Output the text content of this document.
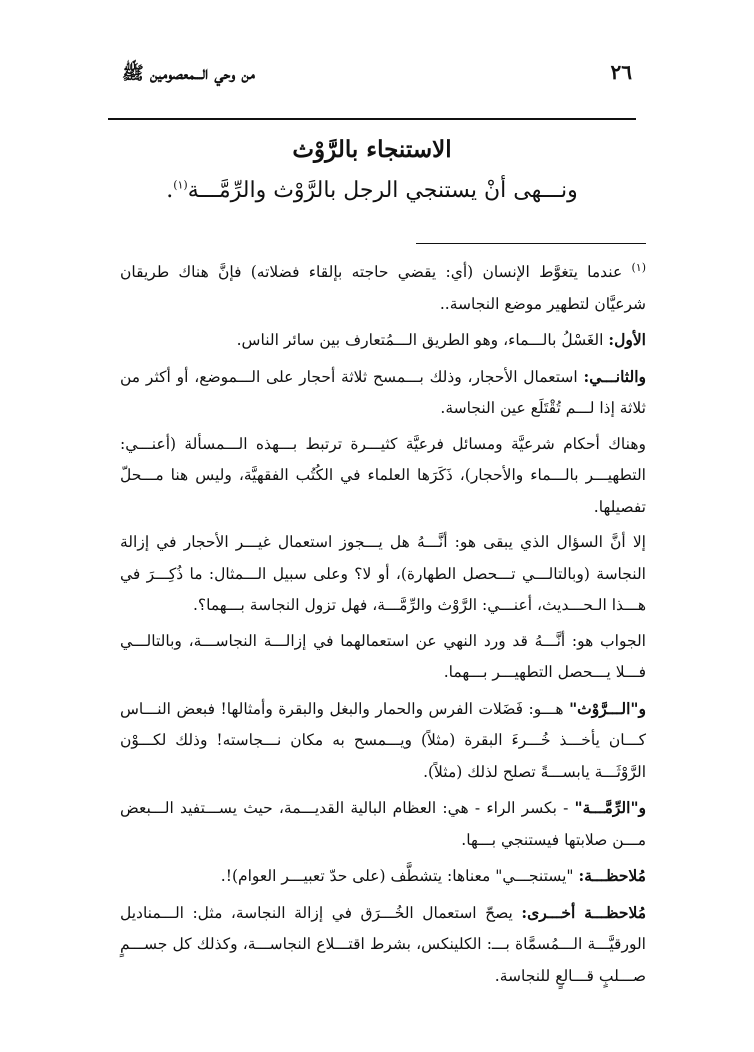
٢٦
من وحي الـــمعصومين ﷺ
الاستنجاء بالرَّوْث
ونـــهى أنْ يستنجي الرجل بالرَّوْث والرِّمَّـــة$^{(١)}$.

$^{(١)}$ عندما يتغوَّط الإنسان (أي: يقضي حاجته بإلقاء فضلاته) فإنَّ هناك طريقان شرعيَّان لتطهير موضع النجاسة..

الأول: الغَسْلُ بالـــماء، وهو الطريق الـــمُتعارف بين سائر الناس.

والثانـــي: استعمال الأحجار، وذلك بـــمسح ثلاثة أحجار على الـــموضع، أو أكثر من ثلاثة إذا لـــم تُقْتَلَع عين النجاسة.

وهناك أحكام شرعيَّة ومسائل فرعيَّة كثيـــرة ترتبط بـــهذه الـــمسألة (أعنـــي: التطهيـــر بالـــماء والأحجار)، ذَكَرَها العلماء في الكُتُب الفقهيَّة، وليس هنا مـــحلّ تفصيلها.

إلا أنَّ السؤال الذي يبقى هو: أنَّـــهُ هل يـــجوز استعمال غيـــر الأحجار في إزالة النجاسة (وبالتالـــي تـــحصل الطهارة)، أو لا؟ وعلى سبيل الـــمثال: ما ذُكِـــرَ في هـــذا الـحـــديث، أعنـــي: الرَّوْث والرِّمَّـــة، فهل تزول النجاسة بـــهما؟.

الجواب هو: أنَّـــهُ قد ورد النهي عن استعمالهما في إزالـــة النجاســـة، وبالتالـــي فـــلا يـــحصل التطهيـــر بـــهما.

و"الـــرَّوْث" هـــو: فَضَلات الفرس والحمار والبغل والبقرة وأمثالها! فبعض النـــاس كـــان يأخـــذ خُـــرءَ البقرة (مثلاً) ويـــمسح به مكان نـــجاسته! وذلك لكـــوْن الرَّوْثَـــة يابســـةً تصلح لذلك (مثلاً).

و"الرِّمَّـــة" - بكسر الراء - هي: العظام البالية القديـــمة، حيث يســـتفيد الـــبعض مـــن صلابتها فيستنجي بـــها.

مُلاحظـــة: "يستنجـــي" معناها: يتشطَّف (على حدّ تعبيـــر العوام)!.

مُلاحظـــة أخـــرى: يصحّ استعمال الخُـــرَق في إزالة النجاسة، مثل: الـــمناديل الورقيَّـــة الـــمُسمَّاة بـــ: الكلينكس، بشرط اقتـــلاع النجاســـة، وكذلك كل جســـمٍ صـــلبٍ قـــالعٍ للنجاسة.
